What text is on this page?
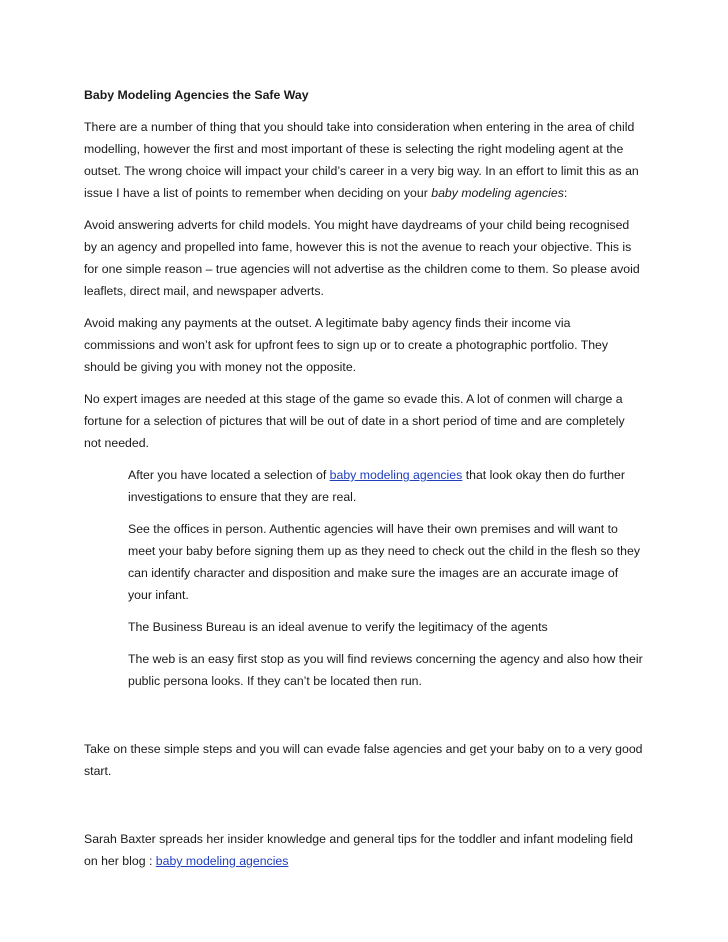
Baby Modeling Agencies the Safe Way

There are a number of thing that you should take into consideration when entering in the area of child modelling, however the first and most important of these is selecting the right modeling agent at the outset. The wrong choice will impact your child’s career in a very big way. In an effort to limit this as an issue I have a list of points to remember when deciding on your baby modeling agencies:

Avoid answering adverts for child models. You might have daydreams of your child being recognised by an agency and propelled into fame, however this is not the avenue to reach your objective. This is for one simple reason – true agencies will not advertise as the children come to them. So please avoid leaflets, direct mail, and newspaper adverts.

Avoid making any payments at the outset. A legitimate baby agency finds their income via commissions and won’t ask for upfront fees to sign up or to create a photographic portfolio. They should be giving you with money not the opposite.

No expert images are needed at this stage of the game so evade this. A lot of conmen will charge a fortune for a selection of pictures that will be out of date in a short period of time and are completely not needed.

After you have located a selection of baby modeling agencies that look okay then do further investigations to ensure that they are real.

See the offices in person. Authentic agencies will have their own premises and will want to meet your baby before signing them up as they need to check out the child in the flesh so they can identify character and disposition and make sure the images are an accurate image of your infant.

The Business Bureau is an ideal avenue to verify the legitimacy of the agents

The web is an easy first stop as you will find reviews concerning the agency and also how their public persona looks. If they can’t be located then run.

Take on these simple steps and you will can evade false agencies and get your baby on to a very good start.

Sarah Baxter spreads her insider knowledge and general tips for the toddler and infant modeling field on her blog : baby modeling agencies
